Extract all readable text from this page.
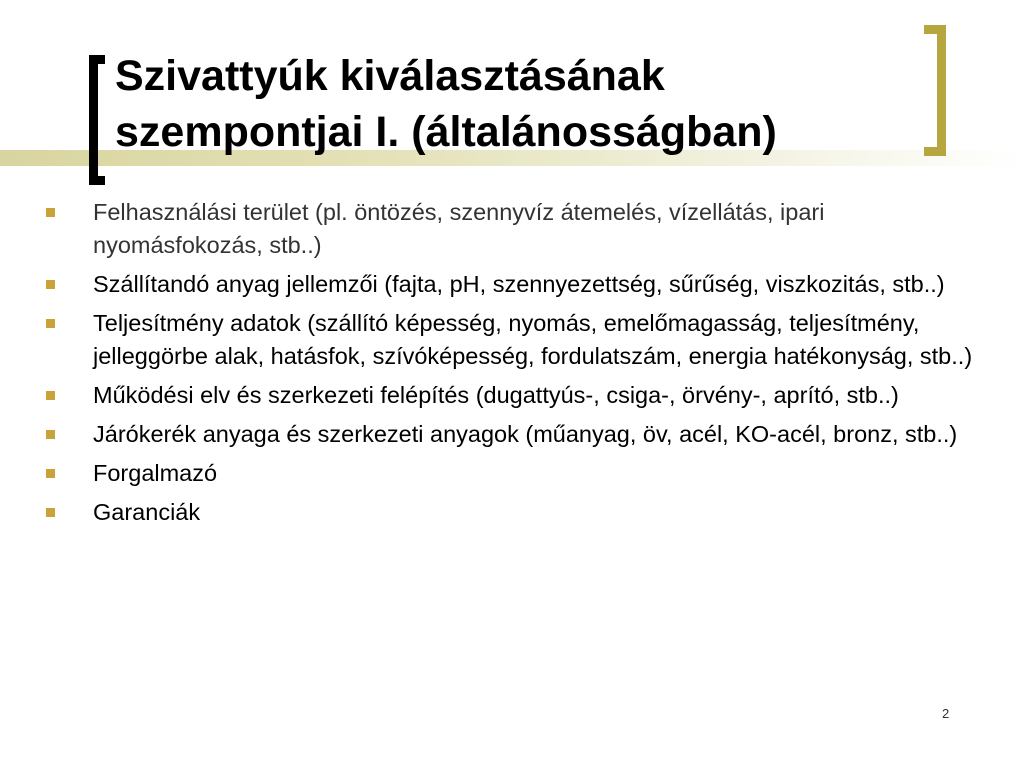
Szivattyúk kiválasztásának szempontjai I. (általánosságban)
Felhasználási terület (pl. öntözés, szennyvíz átemelés, vízellátás, ipari nyomásfokozás, stb..)
Szállítandó anyag jellemzői (fajta, pH, szennyezettség, sűrűség, viszkozitás, stb..)
Teljesítmény adatok (szállító képesség, nyomás, emelőmagasság, teljesítmény, jelleggörbe alak, hatásfok, szívóképesség, fordulatszám, energia hatékonyság, stb..)
Működési elv és szerkezeti felépítés (dugattyús-, csiga-, örvény-, aprító, stb..)
Járókerék anyaga és szerkezeti anyagok (műanyag, öv, acél, KO-acél, bronz, stb..)
Forgalmazó
Garanciák
2
